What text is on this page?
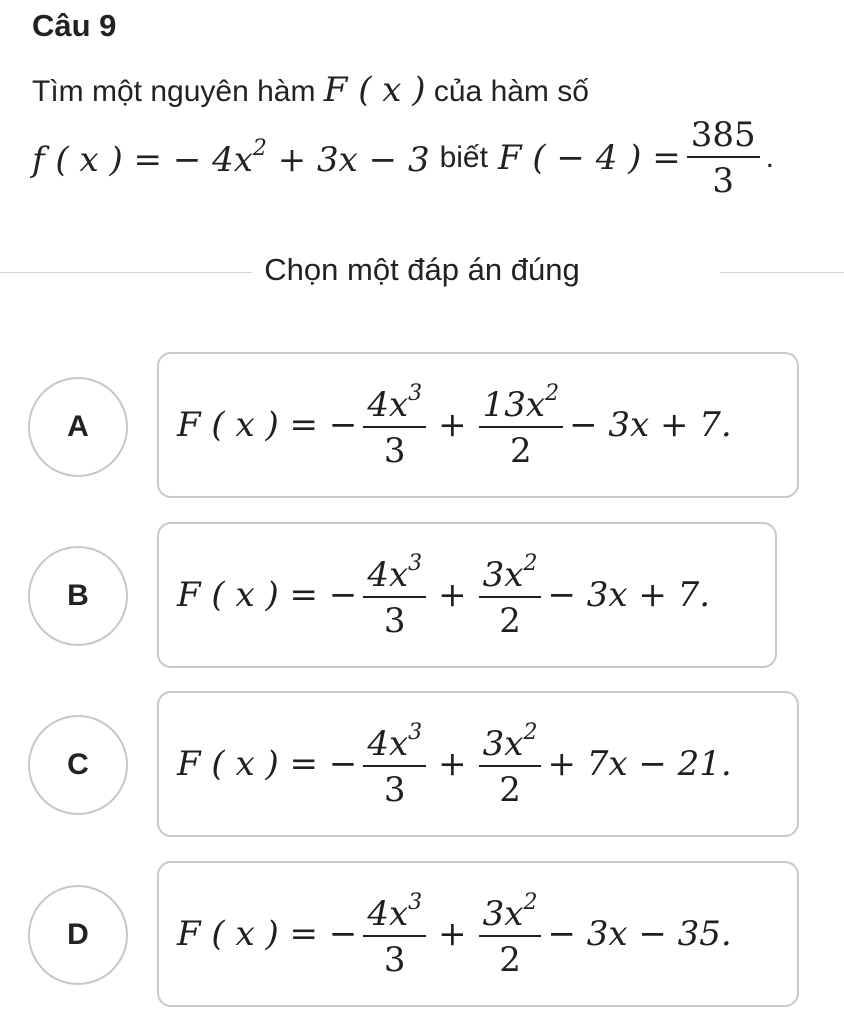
Câu 9
Tìm một nguyên hàm F ( x ) của hàm số
f ( x ) = − $4x^2 + 3x - 3$ biết F ( − 4 ) = $\frac{385}{3}$ .
Chọn một đáp án đúng
A	F ( x ) = − $\frac{4x^3}{3} + \frac{13x^2}{2} - 3x + 7$.
B	F ( x ) = − $\frac{4x^3}{3} + \frac{3x^2}{2} - 3x + 7$.
C	F ( x ) = − $\frac{4x^3}{3} + \frac{3x^2}{2} + 7x - 21$.
D	F ( x ) = − $\frac{4x^3}{3} + \frac{3x^2}{2} - 3x - 35$.
